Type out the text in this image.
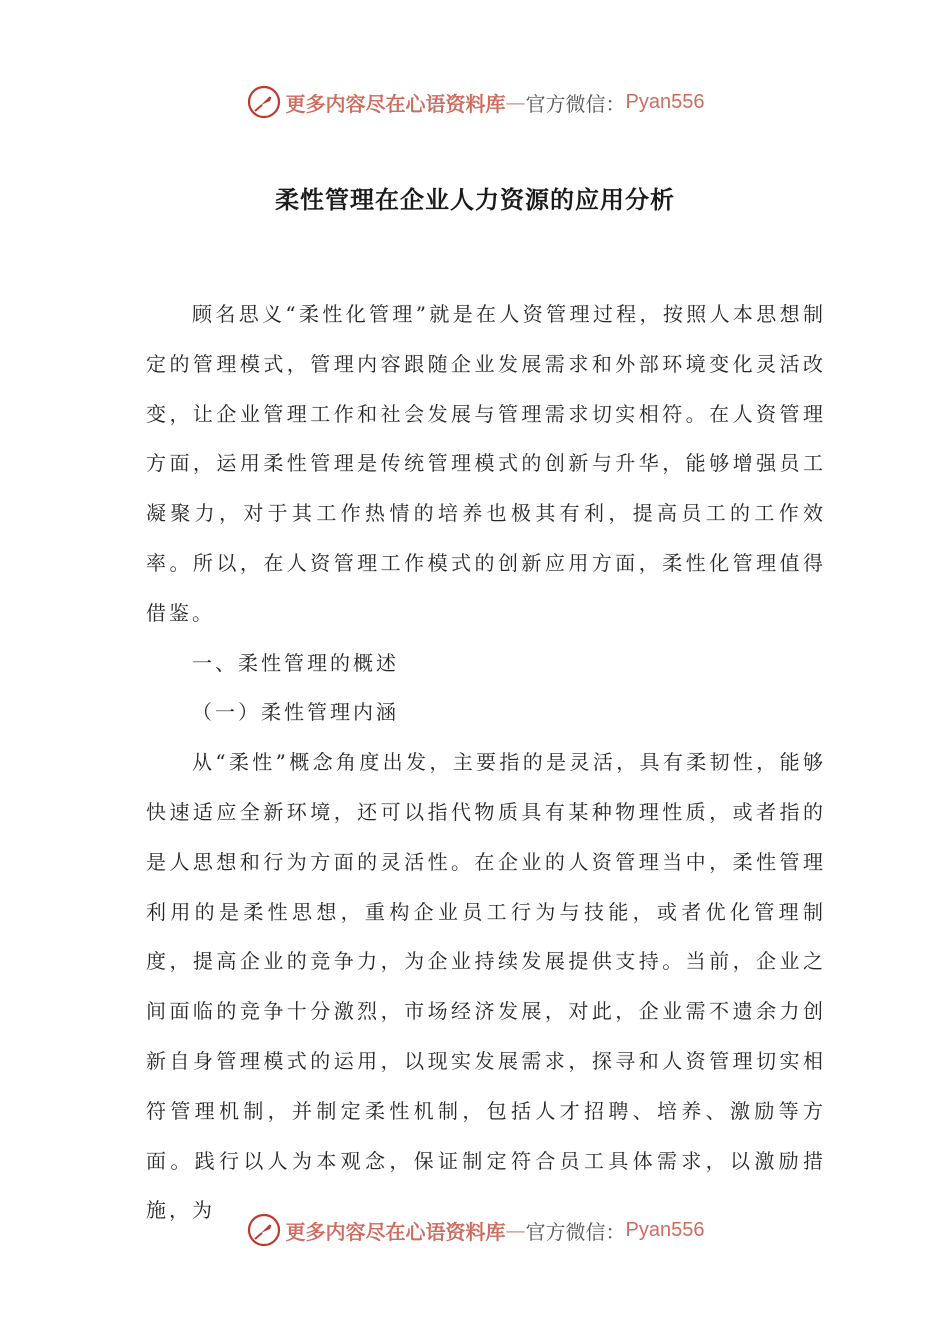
更多内容尽在心语资料库 — 官方微信： Pyan556
柔性管理在企业人力资源的应用分析

顾名思义“柔性化管理”就是在人资管理过程，按照人本思想制定的管理模式，管理内容跟随企业发展需求和外部环境变化灵活改变，让企业管理工作和社会发展与管理需求切实相符。在人资管理方面，运用柔性管理是传统管理模式的创新与升华，能够增强员工凝聚力，对于其工作热情的培养也极其有利，提高员工的工作效率。所以，在人资管理工作模式的创新应用方面，柔性化管理值得借鉴。

一、柔性管理的概述

（一）柔性管理内涵

从“柔性”概念角度出发，主要指的是灵活，具有柔韧性，能够快速适应全新环境，还可以指代物质具有某种物理性质，或者指的是人思想和行为方面的灵活性。在企业的人资管理当中，柔性管理利用的是柔性思想，重构企业员工行为与技能，或者优化管理制度，提高企业的竞争力，为企业持续发展提供支持。当前，企业之间面临的竞争十分激烈，市场经济发展，对此，企业需不遗余力创新自身管理模式的运用，以现实发展需求，探寻和人资管理切实相符管理机制，并制定柔性机制，包括人才招聘、培养、激励等方面。践行以人为本观念，保证制定符合员工具体需求，以激励措施，为

更多内容尽在心语资料库 — 官方微信： Pyan556
